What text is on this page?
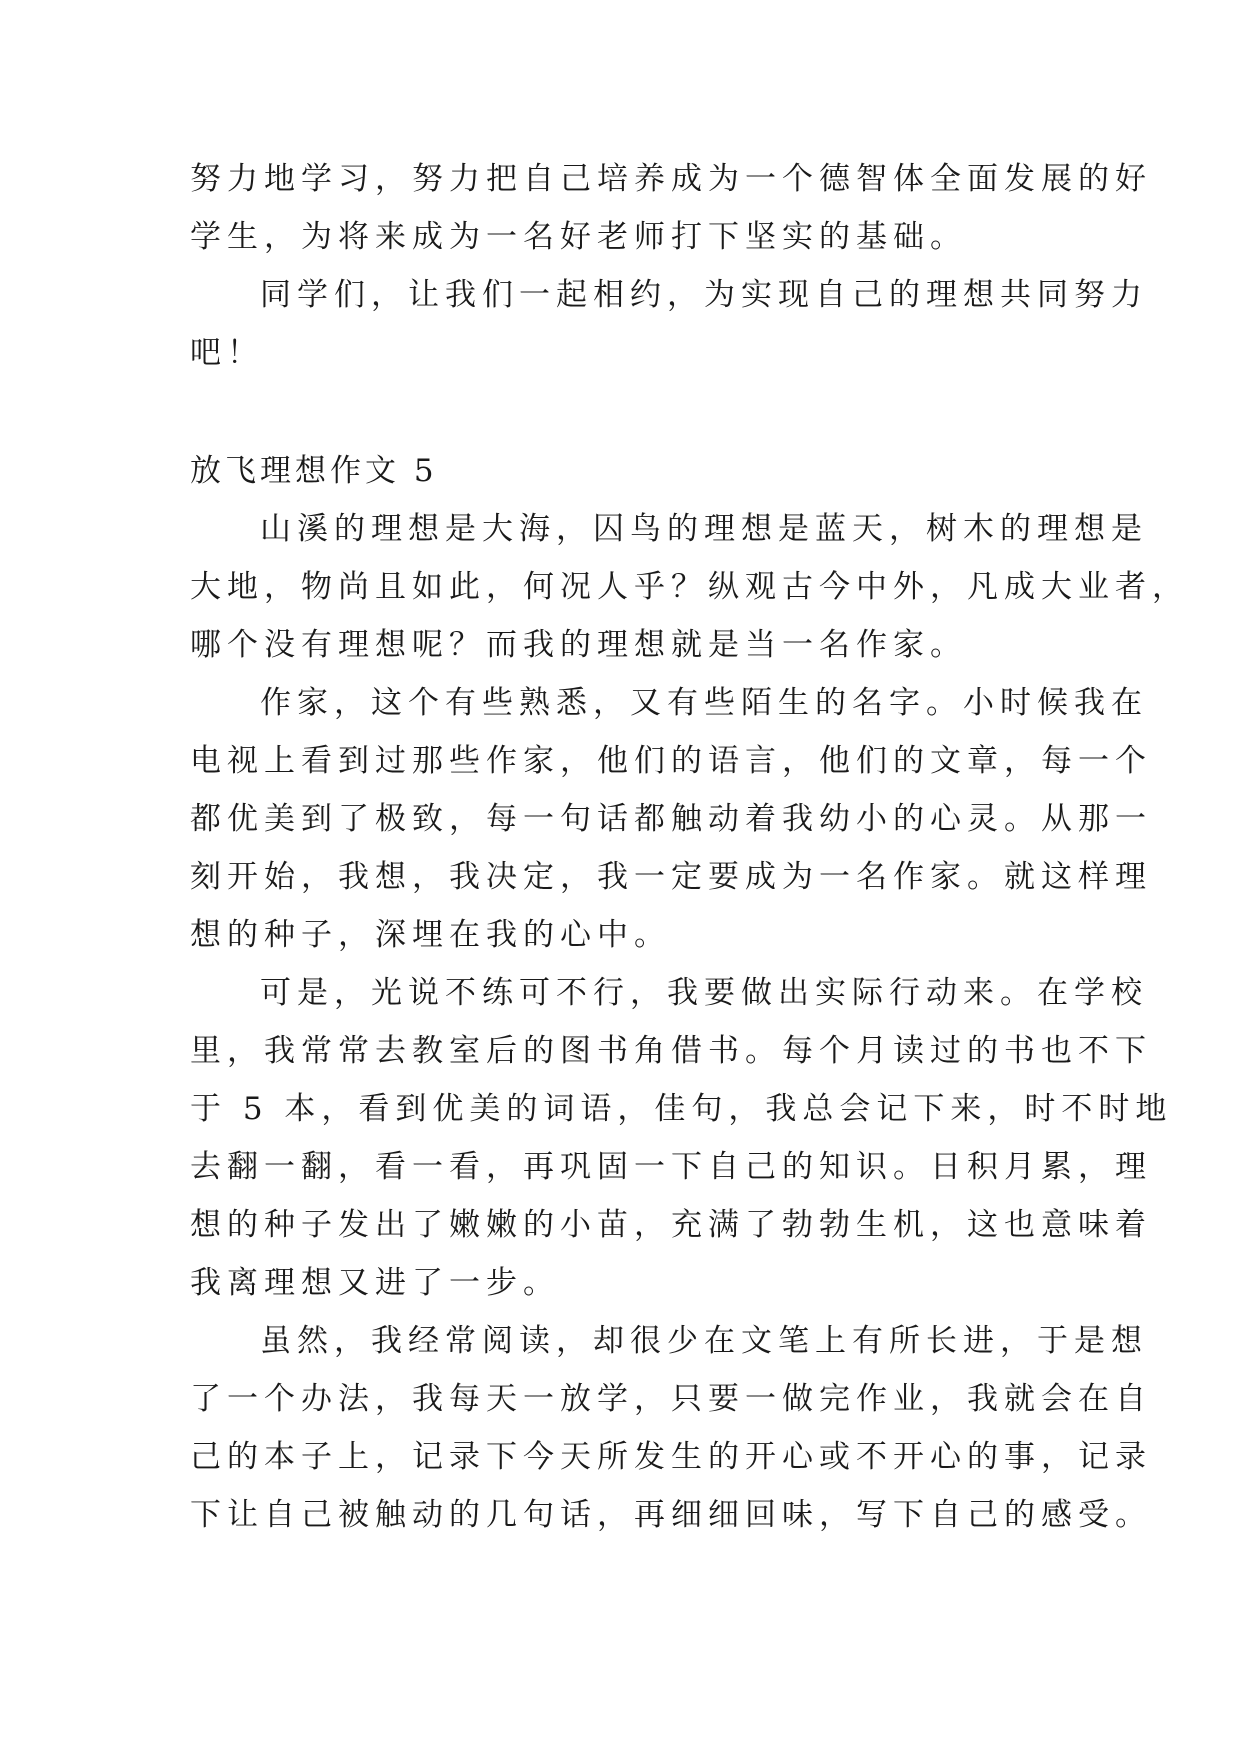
努力地学习，努力把自己培养成为一个德智体全面发展的好
学生，为将来成为一名好老师打下坚实的基础。
同学们，让我们一起相约，为实现自己的理想共同努力
吧！
放飞理想作文 5
山溪的理想是大海，囚鸟的理想是蓝天，树木的理想是
大地，物尚且如此，何况人乎？纵观古今中外，凡成大业者，
哪个没有理想呢？而我的理想就是当一名作家。
作家，这个有些熟悉，又有些陌生的名字。小时候我在
电视上看到过那些作家，他们的语言，他们的文章，每一个
都优美到了极致，每一句话都触动着我幼小的心灵。从那一
刻开始，我想，我决定，我一定要成为一名作家。就这样理
想的种子，深埋在我的心中。
可是，光说不练可不行，我要做出实际行动来。在学校
里，我常常去教室后的图书角借书。每个月读过的书也不下
于 5 本，看到优美的词语，佳句，我总会记下来，时不时地
去翻一翻，看一看，再巩固一下自己的知识。日积月累，理
想的种子发出了嫩嫩的小苗，充满了勃勃生机，这也意味着
我离理想又进了一步。
虽然，我经常阅读，却很少在文笔上有所长进，于是想
了一个办法，我每天一放学，只要一做完作业，我就会在自
己的本子上，记录下今天所发生的开心或不开心的事，记录
下让自己被触动的几句话，再细细回味，写下自己的感受。
